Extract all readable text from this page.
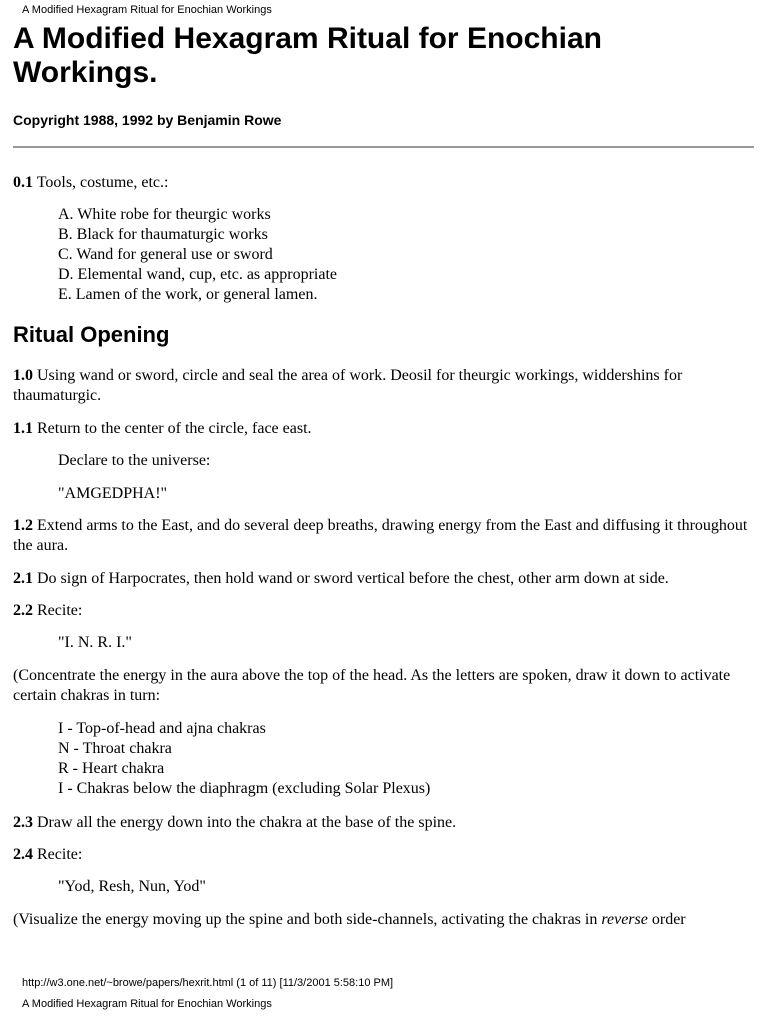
A Modified Hexagram Ritual for Enochian Workings
A Modified Hexagram Ritual for Enochian Workings.
Copyright 1988, 1992 by Benjamin Rowe
0.1 Tools, costume, etc.:
A. White robe for theurgic works
B. Black for thaumaturgic works
C. Wand for general use or sword
D. Elemental wand, cup, etc. as appropriate
E. Lamen of the work, or general lamen.
Ritual Opening
1.0 Using wand or sword, circle and seal the area of work. Deosil for theurgic workings, widdershins for thaumaturgic.
1.1 Return to the center of the circle, face east.
Declare to the universe:
"AMGEDPHA!"
1.2 Extend arms to the East, and do several deep breaths, drawing energy from the East and diffusing it throughout the aura.
2.1 Do sign of Harpocrates, then hold wand or sword vertical before the chest, other arm down at side.
2.2 Recite:
"I. N. R. I."
(Concentrate the energy in the aura above the top of the head. As the letters are spoken, draw it down to activate certain chakras in turn:
I - Top-of-head and ajna chakras
N - Throat chakra
R - Heart chakra
I - Chakras below the diaphragm (excluding Solar Plexus)
2.3 Draw all the energy down into the chakra at the base of the spine.
2.4 Recite:
"Yod, Resh, Nun, Yod"
(Visualize the energy moving up the spine and both side-channels, activating the chakras in reverse order
http://w3.one.net/~browe/papers/hexrit.html (1 of 11) [11/3/2001 5:58:10 PM]
A Modified Hexagram Ritual for Enochian Workings
